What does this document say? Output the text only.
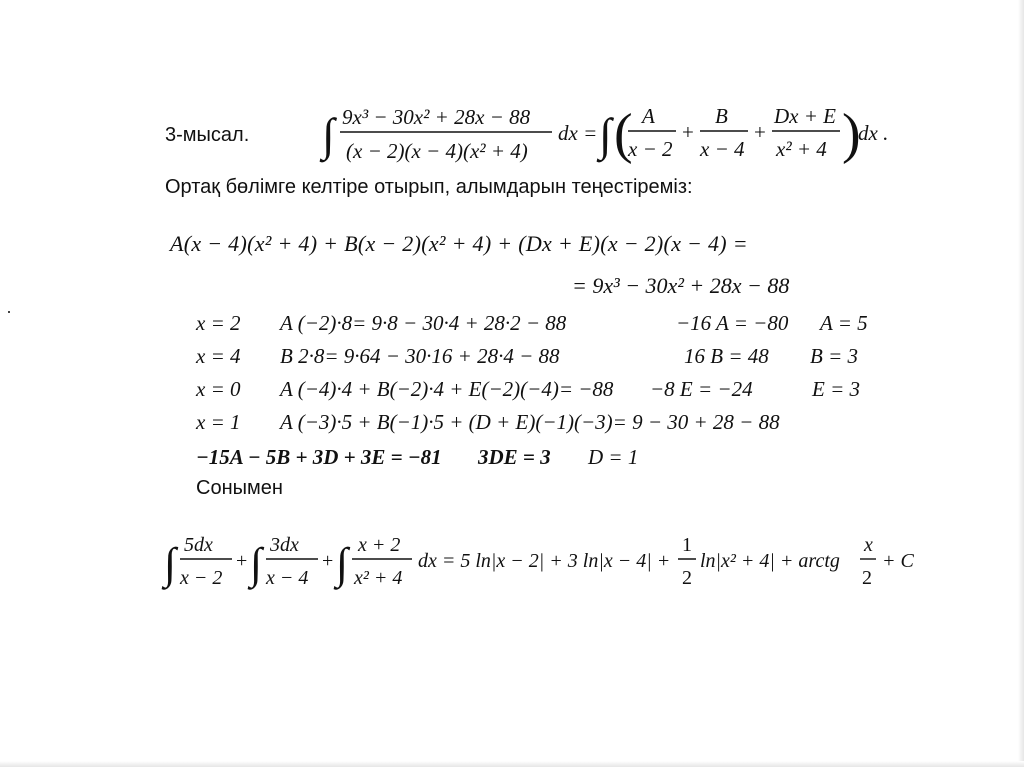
3-мысал. ∫ 9x³ − 30x² + 28x − 88
(x − 2)(x − 4)(x² + 4)
dx = ∫ ( A
x − 2
+
B
x − 4
+
Dx + E
x² + 4 )
dx .
Ортақ бөлімге келтіре отырып, алымдарын теңестіреміз:
A(x − 4)(x² + 4) + B(x − 2)(x² + 4) + (Dx + E)(x − 2)(x − 4) =
= 9x³ − 30x² + 28x − 88
x = 2 A (−2)·8= 9·8 − 30·4 + 28·2 − 88	−16 A = −80 A = 5
x = 4 B 2·8= 9·64 − 30·16 + 28·4 − 88	16 B = 48 B = 3
x = 0 A (−4)·4 + B(−2)·4 + E(−2)(−4)= −88 −8 E = −24	E = 3
x = 1 A (−3)·5 + B(−1)·5 + (D + E)(−1)(−3)= 9 − 30 + 28 − 88
−15A − 5B + 3D + 3E = −81 3DE = 3 D = 1
Сонымен
∫ 5dx
x − 2
+ ∫ 3dx
x − 4
+ ∫ x + 2
x² + 4
dx = 5 ln|x − 2| + 3 ln|x − 4| +
1
2
ln|x² + 4| + arctg
x
2
+ C
